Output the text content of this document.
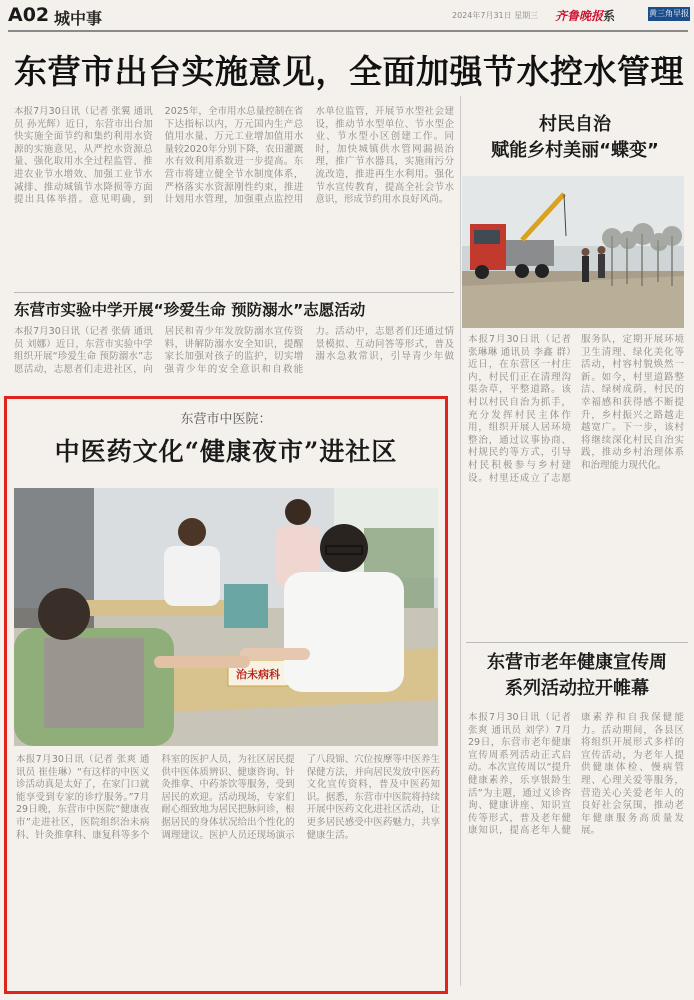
A02 城中事	2024年7月31日 星期三 齐鲁晚报系	黄三角早报
东营市出台实施意见，全面加强节水控水管理
本报7月30日讯（记者 张翼 通讯员 孙光辉）近日，东营市出台加快实施全面节约和集约利用水资源的实施意见，从严控水资源总量、强化取用水全过程监管、推进农业节水增效、加强工业节水减排、推动城镇节水降损等方面提出具体举措。意见明确，到2025年，全市用水总量控制在省下达指标以内，万元国内生产总值用水量、万元工业增加值用水量较2020年分别下降，农田灌溉水有效利用系数进一步提高。东营市将建立健全节水制度体系，严格落实水资源刚性约束，推进计划用水管理，加强重点监控用水单位监管，开展节水型社会建设，推动节水型单位、节水型企业、节水型小区创建工作。同时，加快城镇供水管网漏损治理，推广节水器具，实施雨污分流改造，推进再生水利用。强化节水宣传教育，提高全社会节水意识，形成节约用水良好风尚。
东营市实验中学开展“珍爱生命 预防溺水”志愿活动
本报7月30日讯（记者 张倩 通讯员 刘娜）近日，东营市实验中学组织开展“珍爱生命 预防溺水”志愿活动，志愿者们走进社区，向居民和青少年发放防溺水宣传资料，讲解防溺水安全知识，提醒家长加强对孩子的监护，切实增强青少年的安全意识和自救能力。活动中，志愿者们还通过情景模拟、互动问答等形式，普及溺水急救常识，引导青少年做
村民自治
赋能乡村美丽“蝶变”
本报7月30日讯（记者 张琳琳 通讯员 李鑫 群）近日，在东营区一村庄内，村民们正在清理沟渠杂草，平整道路。该村以村民自治为抓手，充分发挥村民主体作用，组织开展人居环境整治，通过议事协商、村规民约等方式，引导村民积极参与乡村建设。村里还成立了志愿服务队，定期开展环境卫生清理、绿化美化等活动，村容村貌焕然一新。如今，村里道路整洁、绿树成荫，村民的幸福感和获得感不断提升，乡村振兴之路越走越宽广。下一步，该村将继续深化村民自治实践，推动乡村治理体系和治理能力现代化。
东营市老年健康宣传周
系列活动拉开帷幕
本报7月30日讯（记者 张爽 通讯员 刘学）7月29日，东营市老年健康宣传周系列活动正式启动。本次宣传周以“提升健康素养，乐享银龄生活”为主题，通过义诊咨询、健康讲座、知识宣传等形式，普及老年健康知识，提高老年人健康素养和自我保健能力。活动期间，各县区将组织开展形式多样的宣传活动，为老年人提供健康体检、慢病管理、心理关爱等服务，营造关心关爱老年人的良好社会氛围，推动老年健康服务高质量发展。
东营市中医院：
中医药文化“健康夜市”进社区
治未病科
本报7月30日讯（记者 张爽 通讯员 崔佳琳）“有这样的中医义诊活动真是太好了，在家门口就能享受到专家的诊疗服务。”7月29日晚，东营市中医院“健康夜市”走进社区，医院组织治未病科、针灸推拿科、康复科等多个科室的医护人员，为社区居民提供中医体质辨识、健康咨询、针灸推拿、中药茶饮等服务，受到居民的欢迎。活动现场，专家们耐心细致地为居民把脉问诊，根据居民的身体状况给出个性化的调理建议。医护人员还现场演示了八段锦、穴位按摩等中医养生保健方法，并向居民发放中医药文化宣传资料，普及中医药知识。据悉，东营市中医院将持续开展中医药文化进社区活动，让更多居民感受中医药魅力，共享健康生活。
